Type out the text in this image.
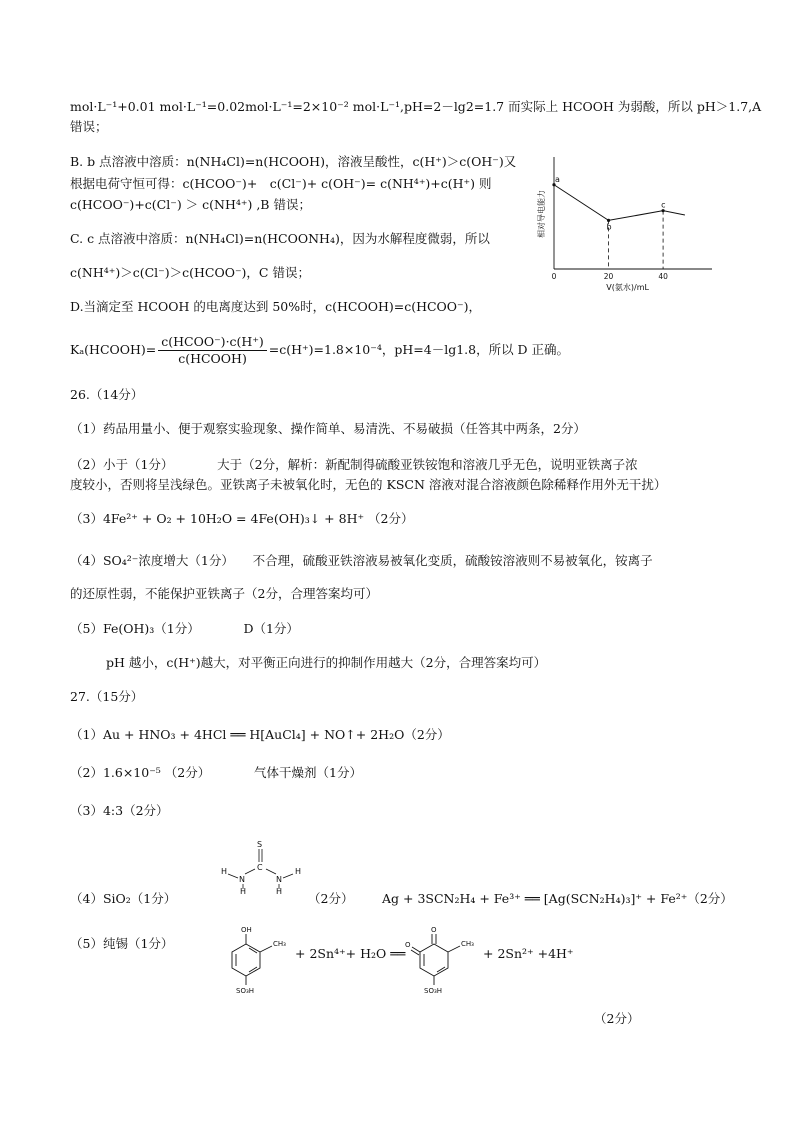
mol·L⁻¹+0.01 mol·L⁻¹=0.02mol·L⁻¹=2×10⁻² mol·L⁻¹,pH=2－lg2=1.7 而实际上 HCOOH 为弱酸，所以 pH＞1.7,A
错误；
B. b 点溶液中溶质：n(NH₄Cl)=n(HCOOH)，溶液呈酸性，c(H⁺)＞c(OH⁻)又
根据电荷守恒可得：c(HCOO⁻)+　c(Cl⁻)+ c(OH⁻)= c(NH⁴⁺)+c(H⁺) 则
c(HCOO⁻)+c(Cl⁻) ＞ c(NH⁴⁺) ,B 错误；
C. c 点溶液中溶质：n(NH₄Cl)=n(HCOONH₄)，因为水解程度微弱，所以
c(NH⁴⁺)＞c(Cl⁻)＞c(HCOO⁻)，C 错误；
D.当滴定至 HCOOH 的电离度达到 50%时，c(HCOOH)=c(HCOO⁻)，
Kₐ(HCOOH)= $\frac{\text{c(HCOO⁻)·c(H⁺)}}{\text{c(HCOOH)}} =c(H^+)=1.8\times 10^{-4}$，pH=4－lg1.8，所以 D 正确。
相对导电能力
0	20	40
V(氨水)/mL
a
b
c
26.（14分）
（1）药品用量小、便于观察实验现象、操作简单、易清洗、不易破损（任答其中两条，2分）
（2）小于（1分）　　　　大于（2分，解析：新配制得硫酸亚铁铵饱和溶液几乎无色，说明亚铁离子浓
度较小，否则将呈浅绿色。亚铁离子未被氧化时，无色的 KSCN 溶液对混合溶液颜色除稀释作用外无干扰）
（3）4Fe²⁺ + O₂ + 10H₂O = 4Fe(OH)₃↓ + 8H⁺ （2分）
（4）SO₄²⁻浓度增大（1分）　　不合理，硫酸亚铁溶液易被氧化变质，硫酸铵溶液则不易被氧化，铵离子
的还原性弱，不能保护亚铁离子（2分，合理答案均可）
（5）Fe(OH)₃（1分）　　　　D（1分）
pH 越小，c(H⁺)越大，对平衡正向进行的抑制作用越大（2分，合理答案均可）
27.（15分）
（1）Au + HNO₃ + 4HCl ══ H[AuCl₄] + NO↑+ 2H₂O（2分）
（2）1.6×10⁻⁵ （2分）　　　　气体干燥剂（1分）
（3）4:3（2分）
（4）SiO₂（1分）
S
C
N	N
H
H
H
H （2分） Ag + 3SCN₂H₄ + Fe³⁺ ══ [Ag(SCN₂H₄)₃]⁺ + Fe²⁺（2分）
（5）纯锡（1分）
OH
CH₃
SO₃H
+ 2Sn⁴⁺+ H₂O ══
O
O	CH₃
SO₃H
+ 2Sn²⁺ +4H⁺
（2分）
